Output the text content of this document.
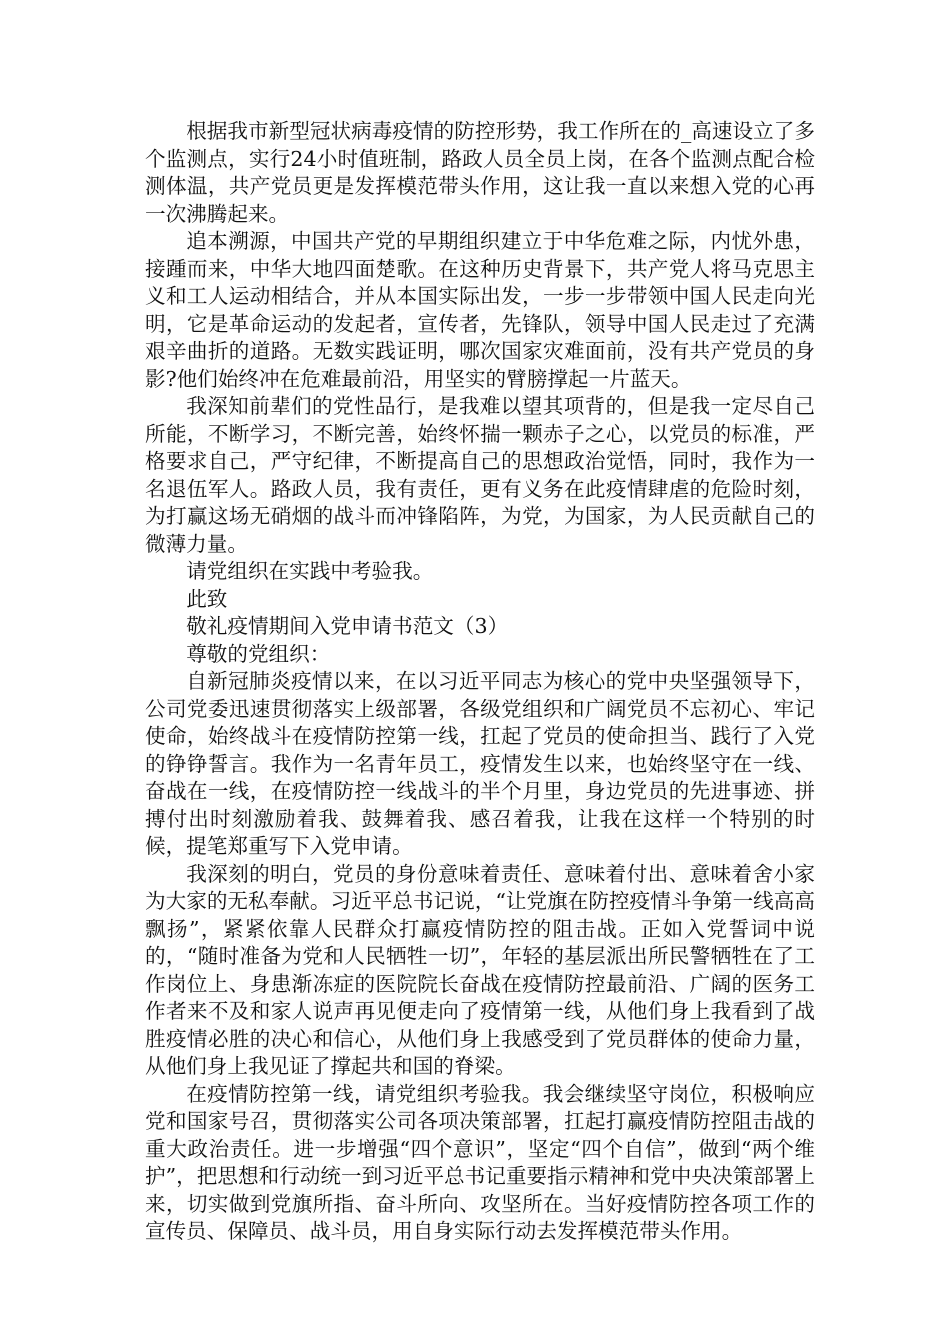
根据我市新型冠状病毒疫情的防控形势，我工作所在的_高速设立了多个监测点，实行24小时值班制，路政人员全员上岗，在各个监测点配合检测体温，共产党员更是发挥模范带头作用，这让我一直以来想入党的心再一次沸腾起来。

追本溯源，中国共产党的早期组织建立于中华危难之际，内忧外患，接踵而来，中华大地四面楚歌。在这种历史背景下，共产党人将马克思主义和工人运动相结合，并从本国实际出发，一步一步带领中国人民走向光明，它是革命运动的发起者，宣传者，先锋队，领导中国人民走过了充满艰辛曲折的道路。无数实践证明，哪次国家灾难面前，没有共产党员的身影?他们始终冲在危难最前沿，用坚实的臂膀撑起一片蓝天。

我深知前辈们的党性品行，是我难以望其项背的，但是我一定尽自己所能，不断学习，不断完善，始终怀揣一颗赤子之心，以党员的标准，严格要求自己，严守纪律，不断提高自己的思想政治觉悟，同时，我作为一名退伍军人。路政人员，我有责任，更有义务在此疫情肆虐的危险时刻，为打赢这场无硝烟的战斗而冲锋陷阵，为党，为国家，为人民贡献自己的微薄力量。

请党组织在实践中考验我。

此致

敬礼疫情期间入党申请书范文（3）

尊敬的党组织：

自新冠肺炎疫情以来，在以习近平同志为核心的党中央坚强领导下，公司党委迅速贯彻落实上级部署，各级党组织和广阔党员不忘初心、牢记使命，始终战斗在疫情防控第一线，扛起了党员的使命担当、践行了入党的铮铮誓言。我作为一名青年员工，疫情发生以来，也始终坚守在一线、奋战在一线，在疫情防控一线战斗的半个月里，身边党员的先进事迹、拼搏付出时刻激励着我、鼓舞着我、感召着我，让我在这样一个特别的时候，提笔郑重写下入党申请。

我深刻的明白，党员的身份意味着责任、意味着付出、意味着舍小家为大家的无私奉献。习近平总书记说，“让党旗在防控疫情斗争第一线高高飘扬”，紧紧依靠人民群众打赢疫情防控的阻击战。正如入党誓词中说的，“随时准备为党和人民牺牲一切”，年轻的基层派出所民警牺牲在了工作岗位上、身患渐冻症的医院院长奋战在疫情防控最前沿、广阔的医务工作者来不及和家人说声再见便走向了疫情第一线，从他们身上我看到了战胜疫情必胜的决心和信心，从他们身上我感受到了党员群体的使命力量，从他们身上我见证了撑起共和国的脊梁。

在疫情防控第一线，请党组织考验我。我会继续坚守岗位，积极响应党和国家号召，贯彻落实公司各项决策部署，扛起打赢疫情防控阻击战的重大政治责任。进一步增强“四个意识”，坚定“四个自信”，做到“两个维护”，把思想和行动统一到习近平总书记重要指示精神和党中央决策部署上来，切实做到党旗所指、奋斗所向、攻坚所在。当好疫情防控各项工作的宣传员、保障员、战斗员，用自身实际行动去发挥模范带头作用。
